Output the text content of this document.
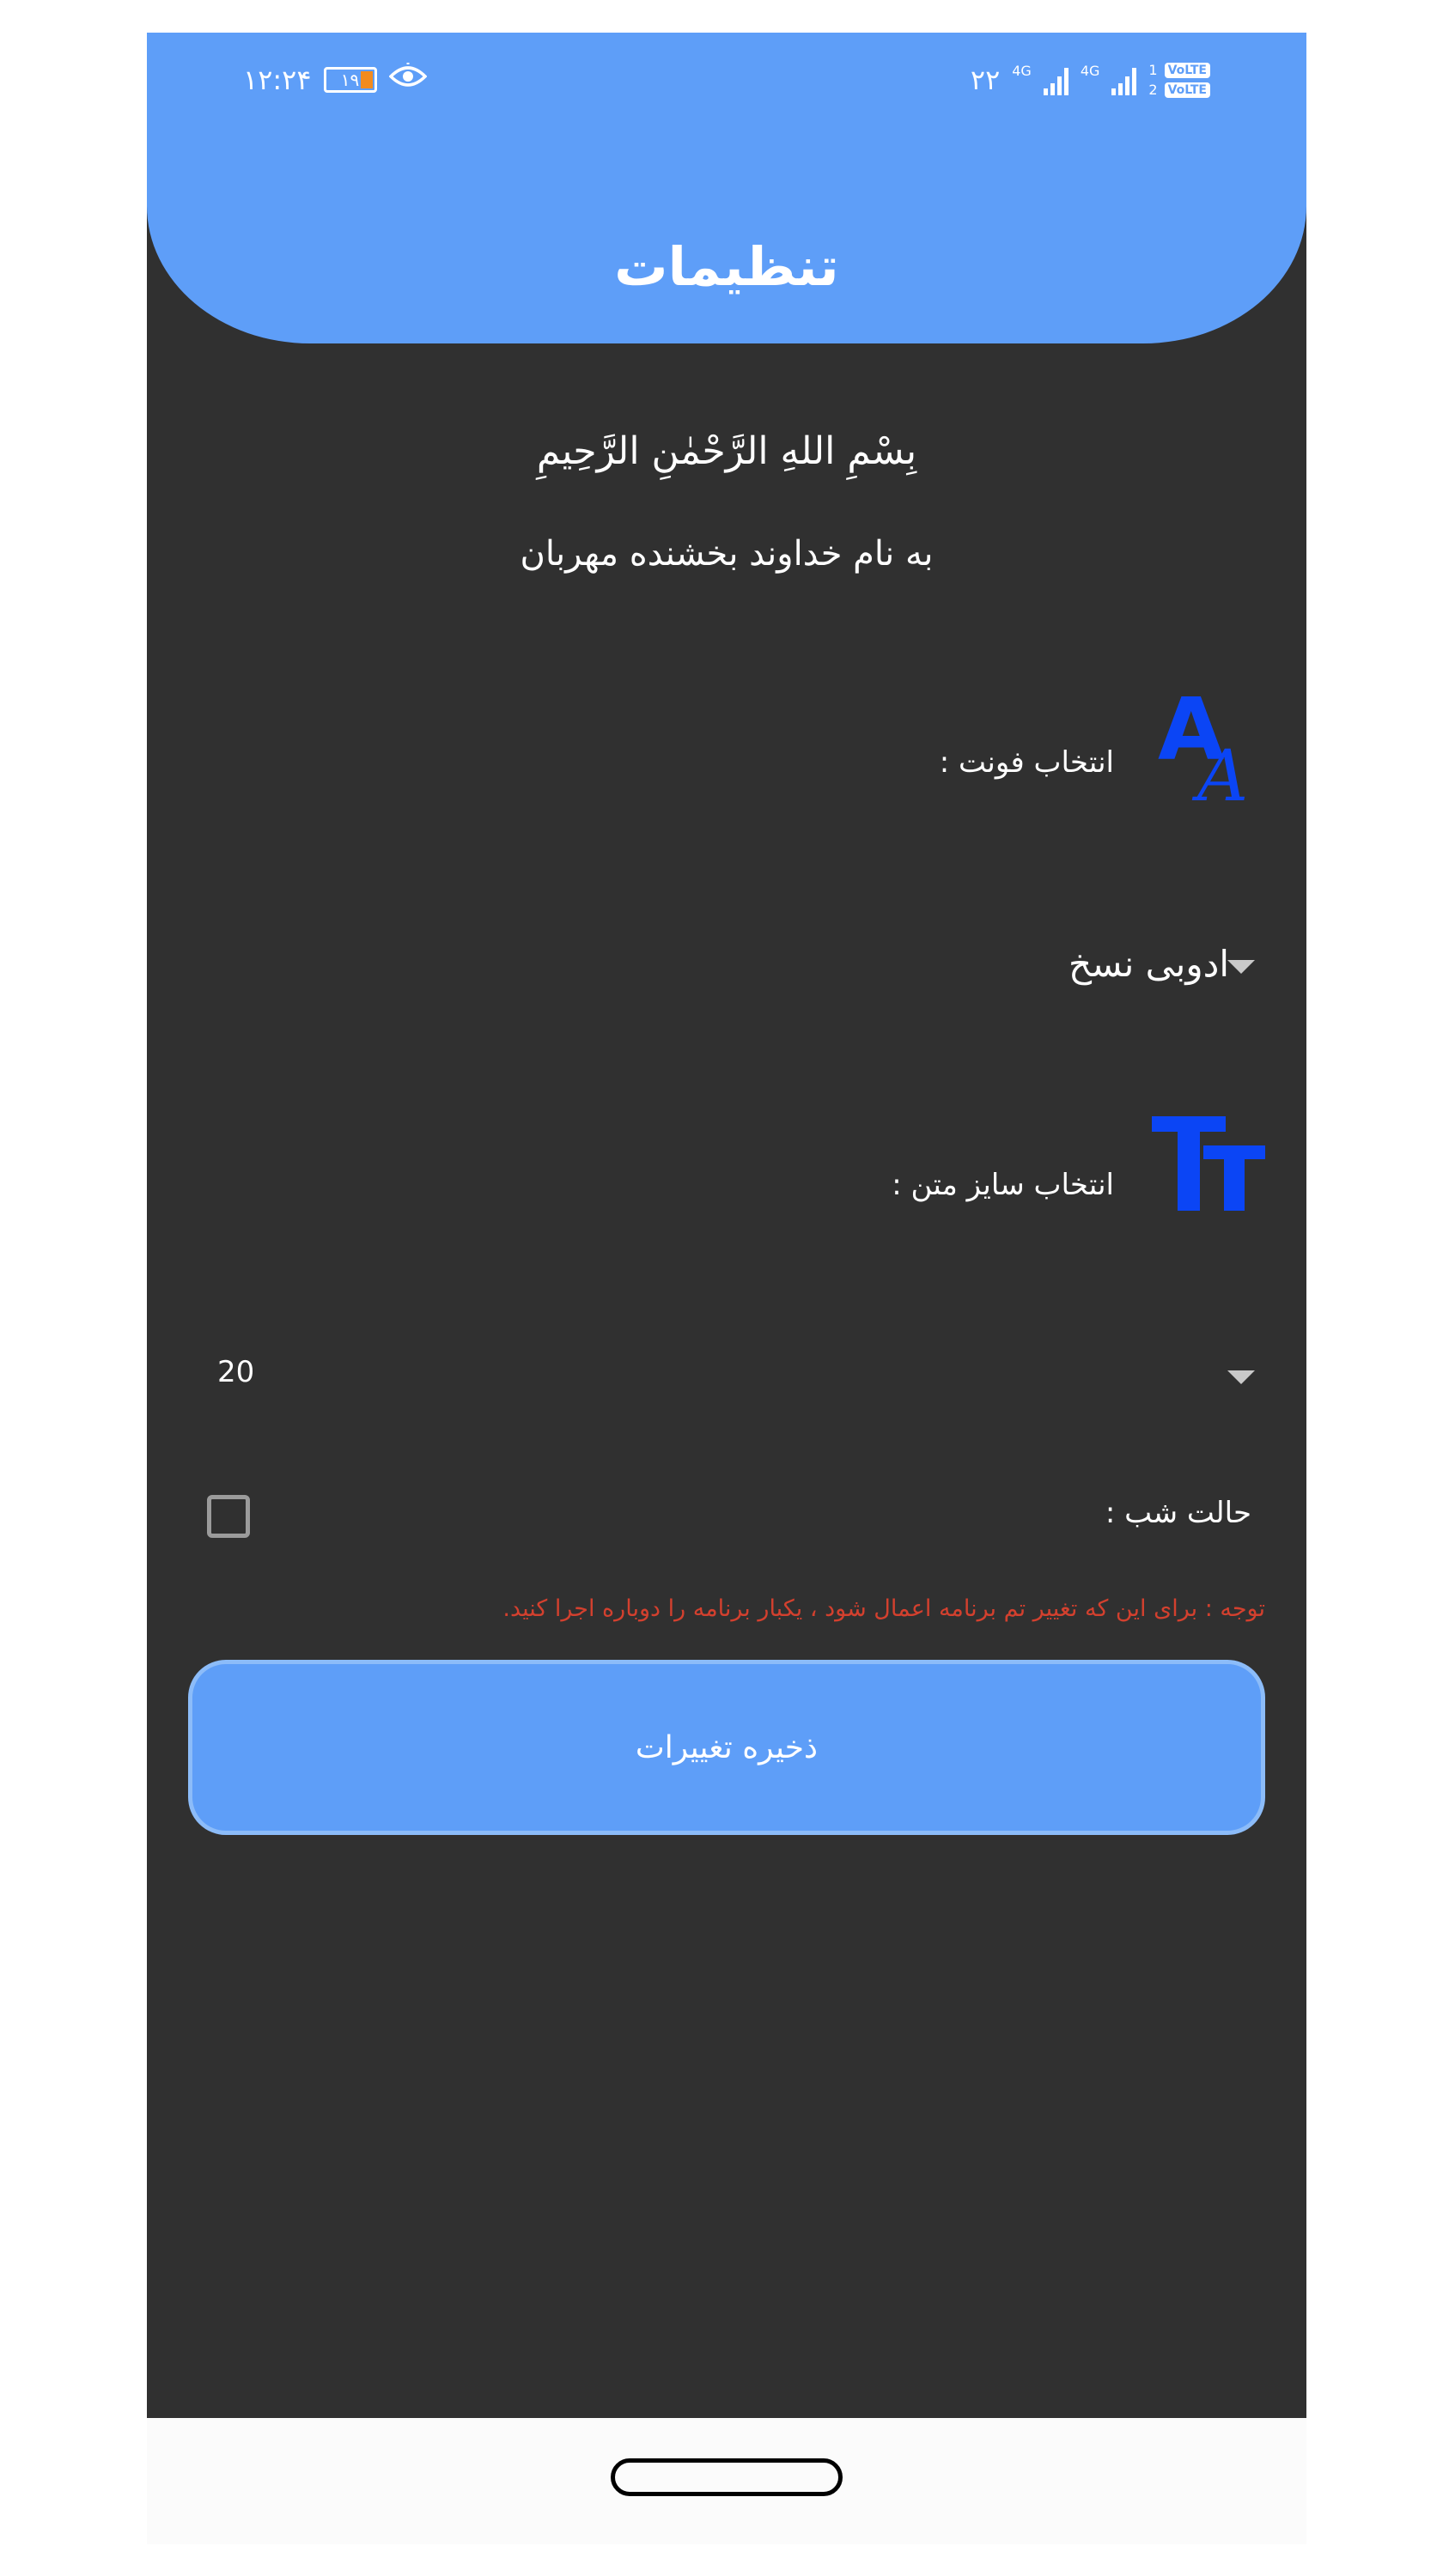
۱۲:۲۴	۱۹	۲۲ 4G	4G	1 VoLTE
2 VoLTE
تنظیمات
بِسْمِ اللهِ الرَّحْمٰنِ الرَّحِيمِ
به نام خداوند بخشنده مهربان
A
A
انتخاب فونت :
ادوبی نسخ
انتخاب سایز متن :
20
حالت شب :
توجه : برای این که تغییر تم برنامه اعمال شود ، یکبار برنامه را دوباره اجرا کنید.
ذخیره تغییرات
